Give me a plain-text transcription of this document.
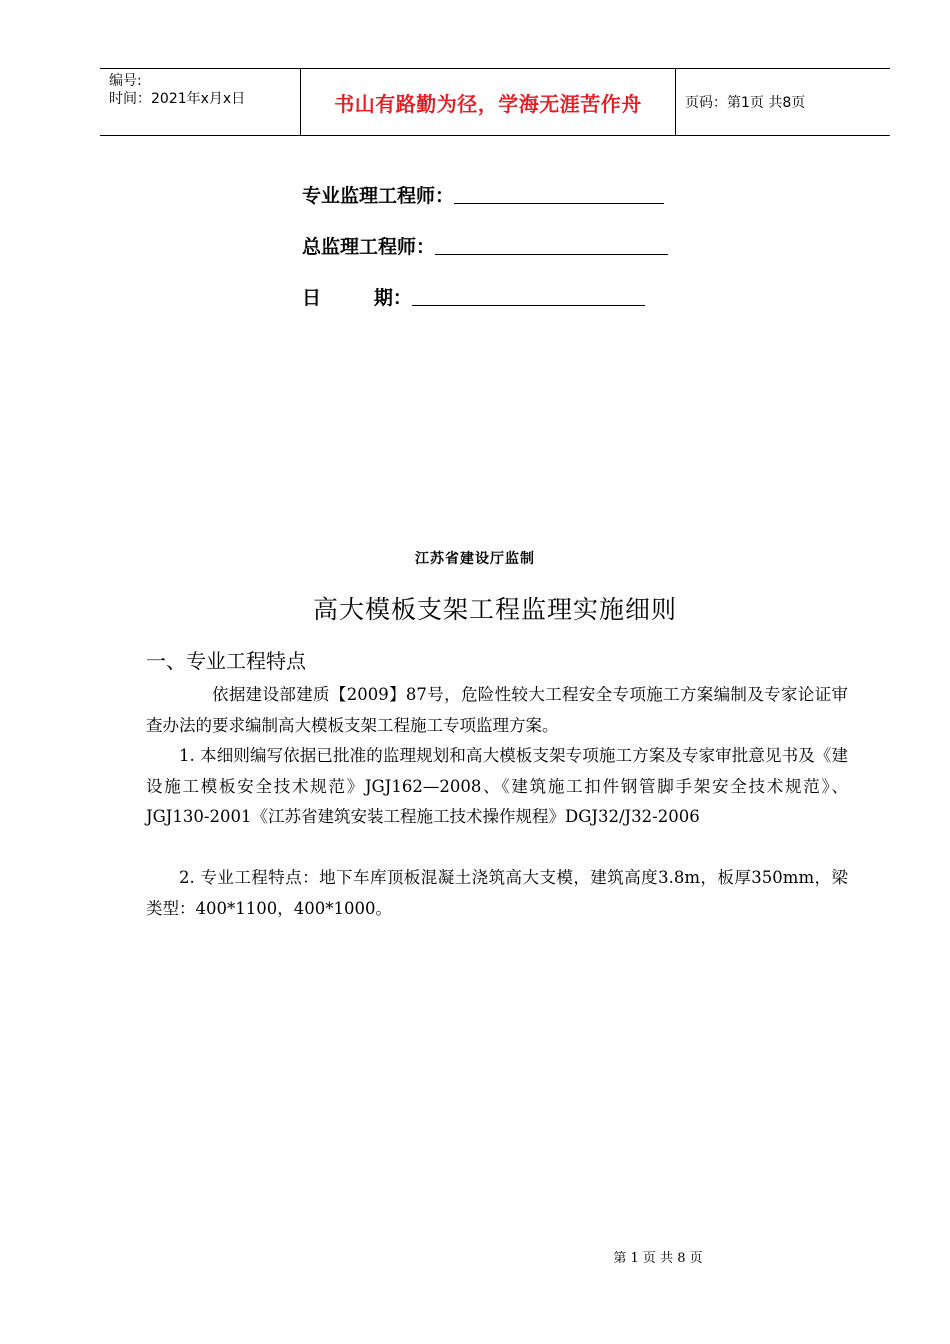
编号:
时间：2021年x月x日	书山有路勤为径，学海无涯苦作舟	页码：第1页 共8页
专业监理工程师：
总监理工程师：
日        期：
江苏省建设厅监制
高大模板支架工程监理实施细则
一、专业工程特点
依据建设部建质【2009】87号，危险性较大工程安全专项施工方案编制及专家论证审查办法的要求编制高大模板支架工程施工专项监理方案。
1. 本细则编写依据已批准的监理规划和高大模板支架专项施工方案及专家审批意见书及《建设施工模板安全技术规范》JGJ162—2008、《建筑施工扣件钢管脚手架安全技术规范》、JGJ130-2001《江苏省建筑安装工程施工技术操作规程》DGJ32/J32-2006
2. 专业工程特点：地下车库顶板混凝土浇筑高大支模，建筑高度3.8m，板厚350mm，梁类型：400*1100，400*1000。
第 1 页 共 8 页
